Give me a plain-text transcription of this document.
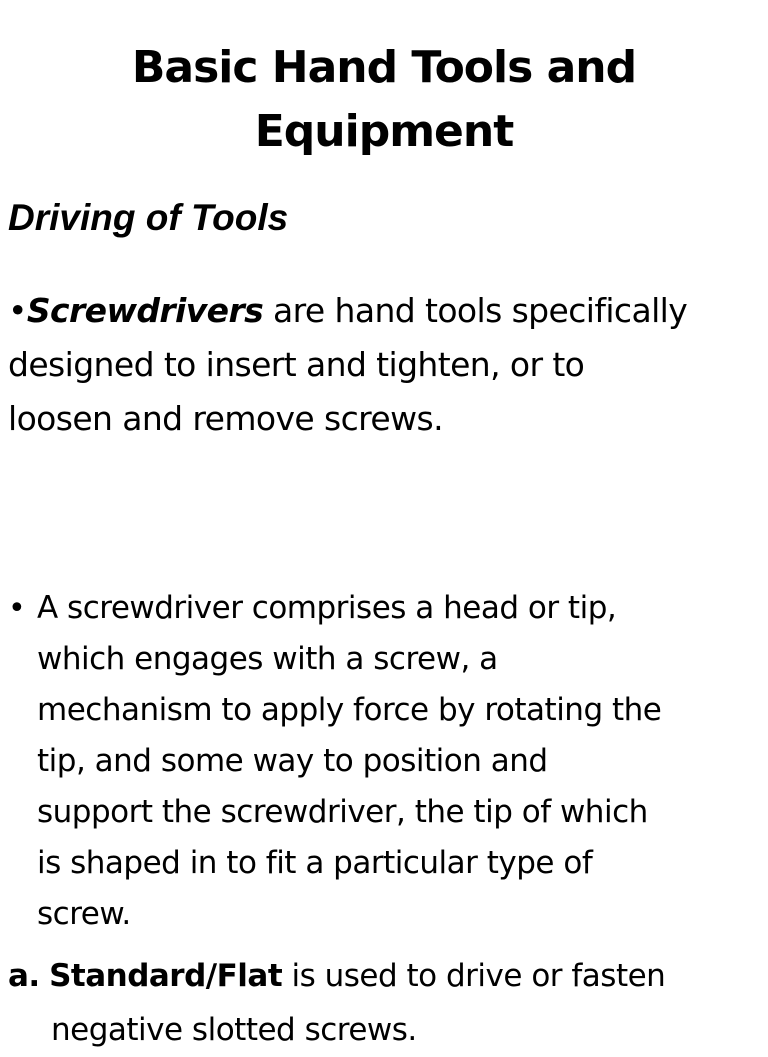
Basic Hand Tools and
Equipment
Driving of Tools
•Screwdrivers are hand tools specifically
designed to insert and tighten, or to
loosen and remove screws.
• A screwdriver comprises a head or tip,
which engages with a screw, a
mechanism to apply force by rotating the
tip, and some way to position and
support the screwdriver, the tip of which
is shaped in to fit a particular type of
screw.
a. Standard/Flat is used to drive or fasten
negative slotted screws.
